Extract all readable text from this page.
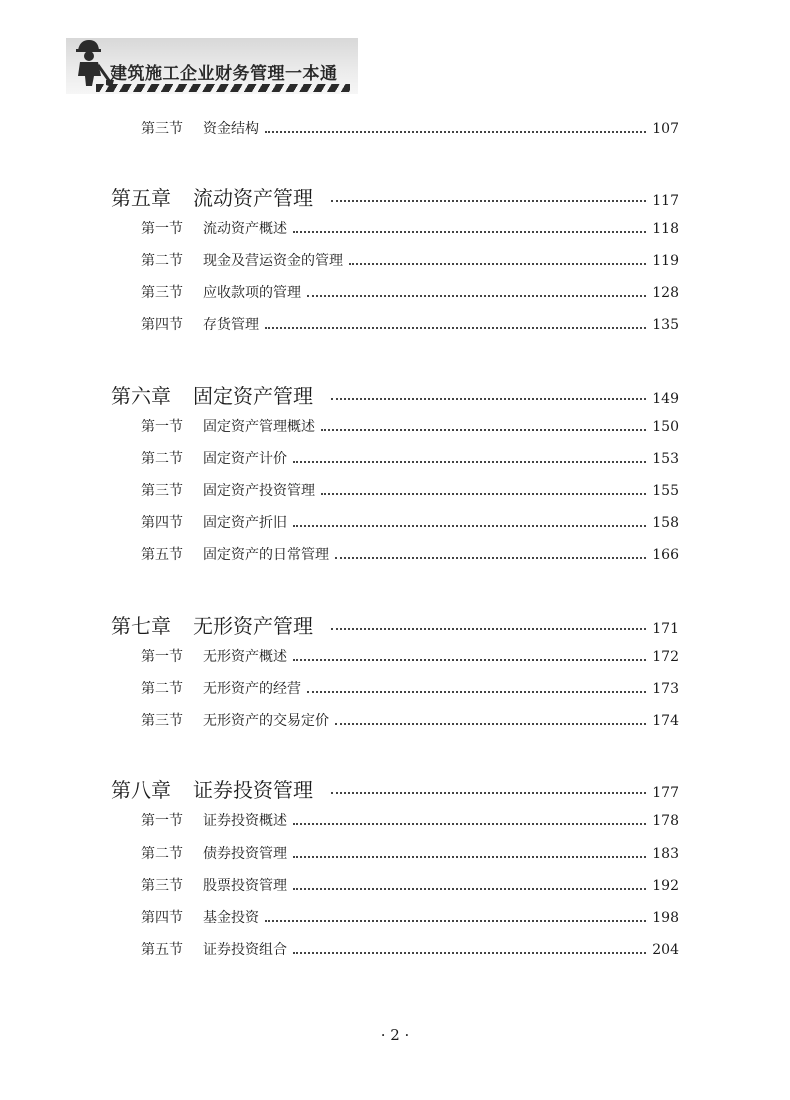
建筑施工企业财务管理一本通
第三节	资金结构	107
第五章	流动资产管理	117
第一节	流动资产概述	118
第二节	现金及营运资金的管理	119
第三节	应收款项的管理	128
第四节	存货管理	135
第六章	固定资产管理	149
第一节	固定资产管理概述	150
第二节	固定资产计价	153
第三节	固定资产投资管理	155
第四节	固定资产折旧	158
第五节	固定资产的日常管理	166
第七章	无形资产管理	171
第一节	无形资产概述	172
第二节	无形资产的经营	173
第三节	无形资产的交易定价	174
第八章	证券投资管理	177
第一节	证券投资概述	178
第二节	债券投资管理	183
第三节	股票投资管理	192
第四节	基金投资	198
第五节	证券投资组合	204
· 2 ·
